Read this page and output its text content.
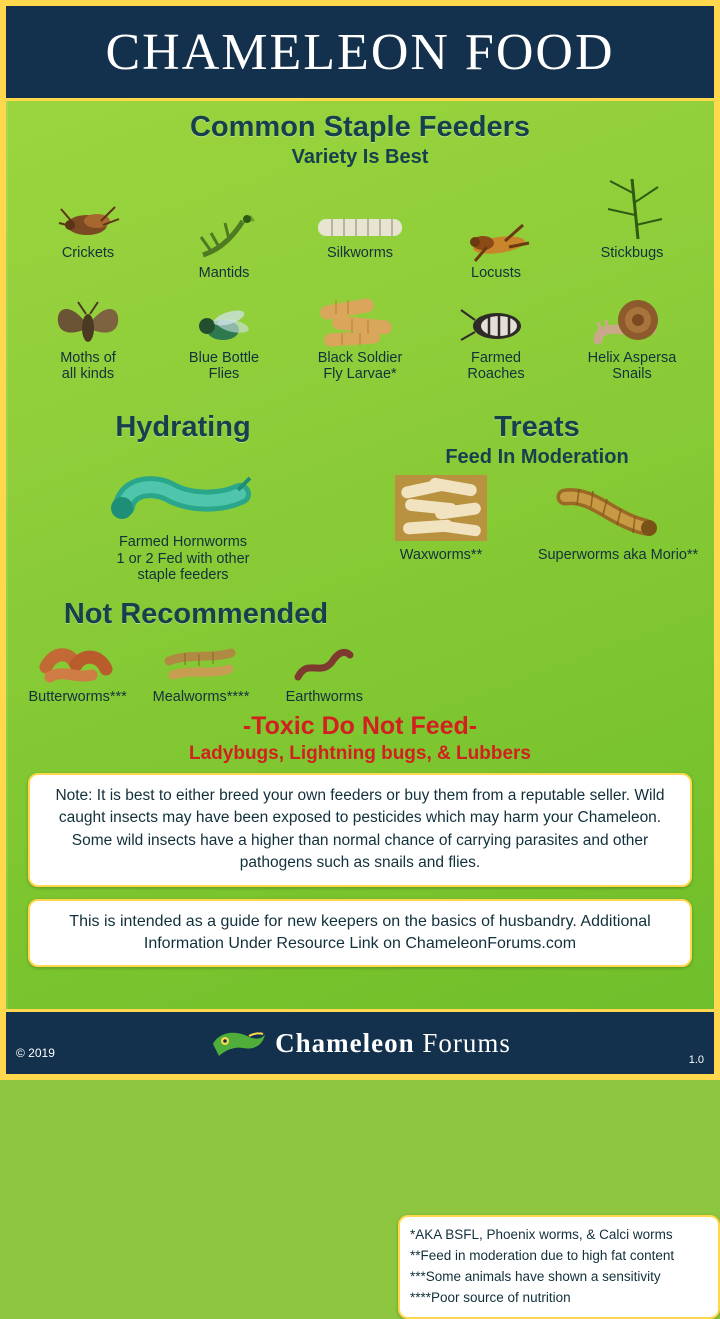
CHAMELEON FOOD
Common Staple Feeders
Variety Is Best
Crickets
Mantids
Silkworms
Locusts
Stickbugs
Moths of
all kinds
Blue Bottle
Flies
Black Soldier
Fly Larvae*
Farmed
Roaches
Helix Aspersa
Snails
Hydrating
Farmed Hornworms
1 or 2 Fed with other
staple feeders
Treats
Feed In Moderation
Waxworms**	Superworms aka Morio**
Not Recommended
Butterworms*** Mealworms****	Earthworms
*AKA BSFL, Phoenix worms, & Calci worms
**Feed in moderation due to high fat content
***Some animals have shown a sensitivity
****Poor source of nutrition
-Toxic Do Not Feed-
Ladybugs, Lightning bugs, & Lubbers
Note: It is best to either breed your own feeders or buy them from a reputable seller. Wild caught insects may have been exposed to pesticides which may harm your Chameleon. Some wild insects have a higher than normal chance of carrying parasites and other pathogens such as snails and flies.
This is intended as a guide for new keepers on the basics of husbandry. Additional Information Under Resource Link on ChameleonForums.com
Chameleon Forums
© 2019	1.0
